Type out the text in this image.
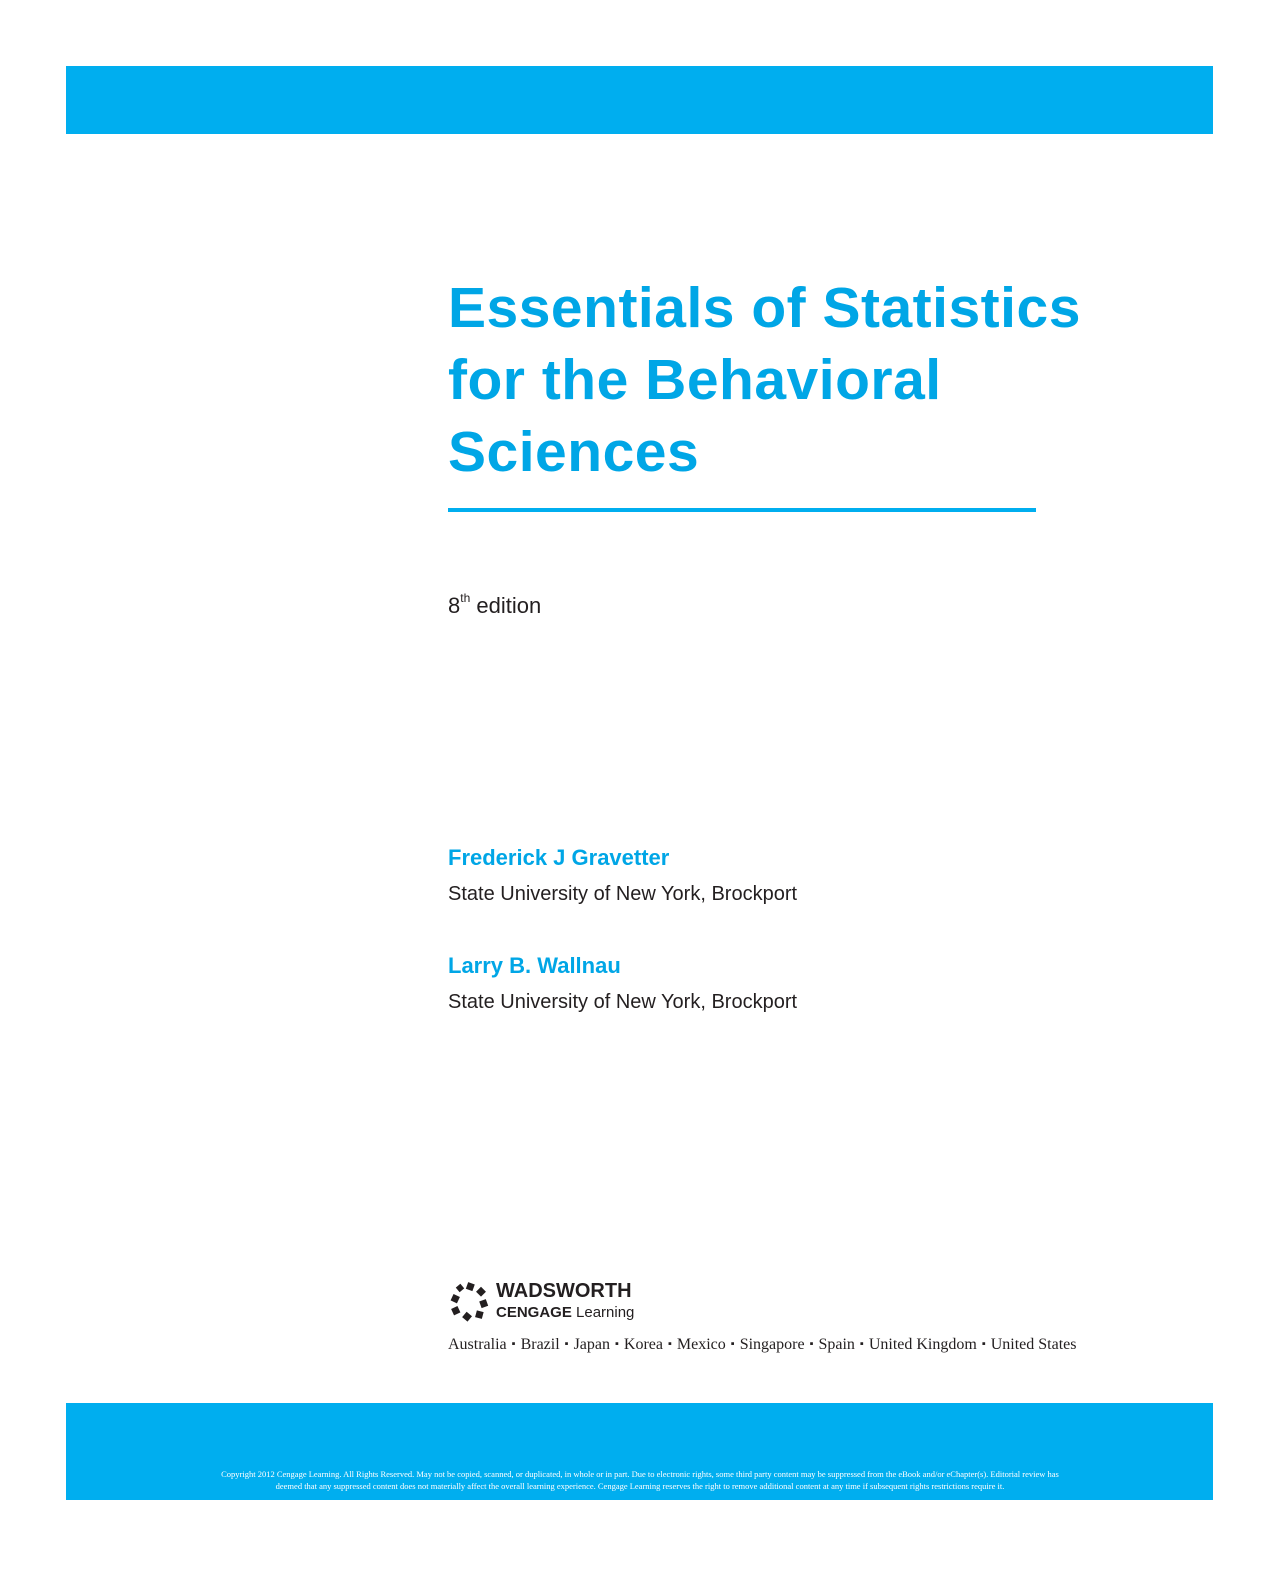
Essentials of Statistics
for the Behavioral
Sciences
8th edition
Frederick J Gravetter
State University of New York, Brockport
Larry B. Wallnau
State University of New York, Brockport
WADSWORTH
CENGAGE Learning
Australia ▪ Brazil ▪ Japan ▪ Korea ▪ Mexico ▪ Singapore ▪ Spain ▪ United Kingdom ▪ United States
Copyright 2012 Cengage Learning. All Rights Reserved. May not be copied, scanned, or duplicated, in whole or in part. Due to electronic rights, some third party content may be suppressed from the eBook and/or eChapter(s). Editorial review has
deemed that any suppressed content does not materially affect the overall learning experience. Cengage Learning reserves the right to remove additional content at any time if subsequent rights restrictions require it.
